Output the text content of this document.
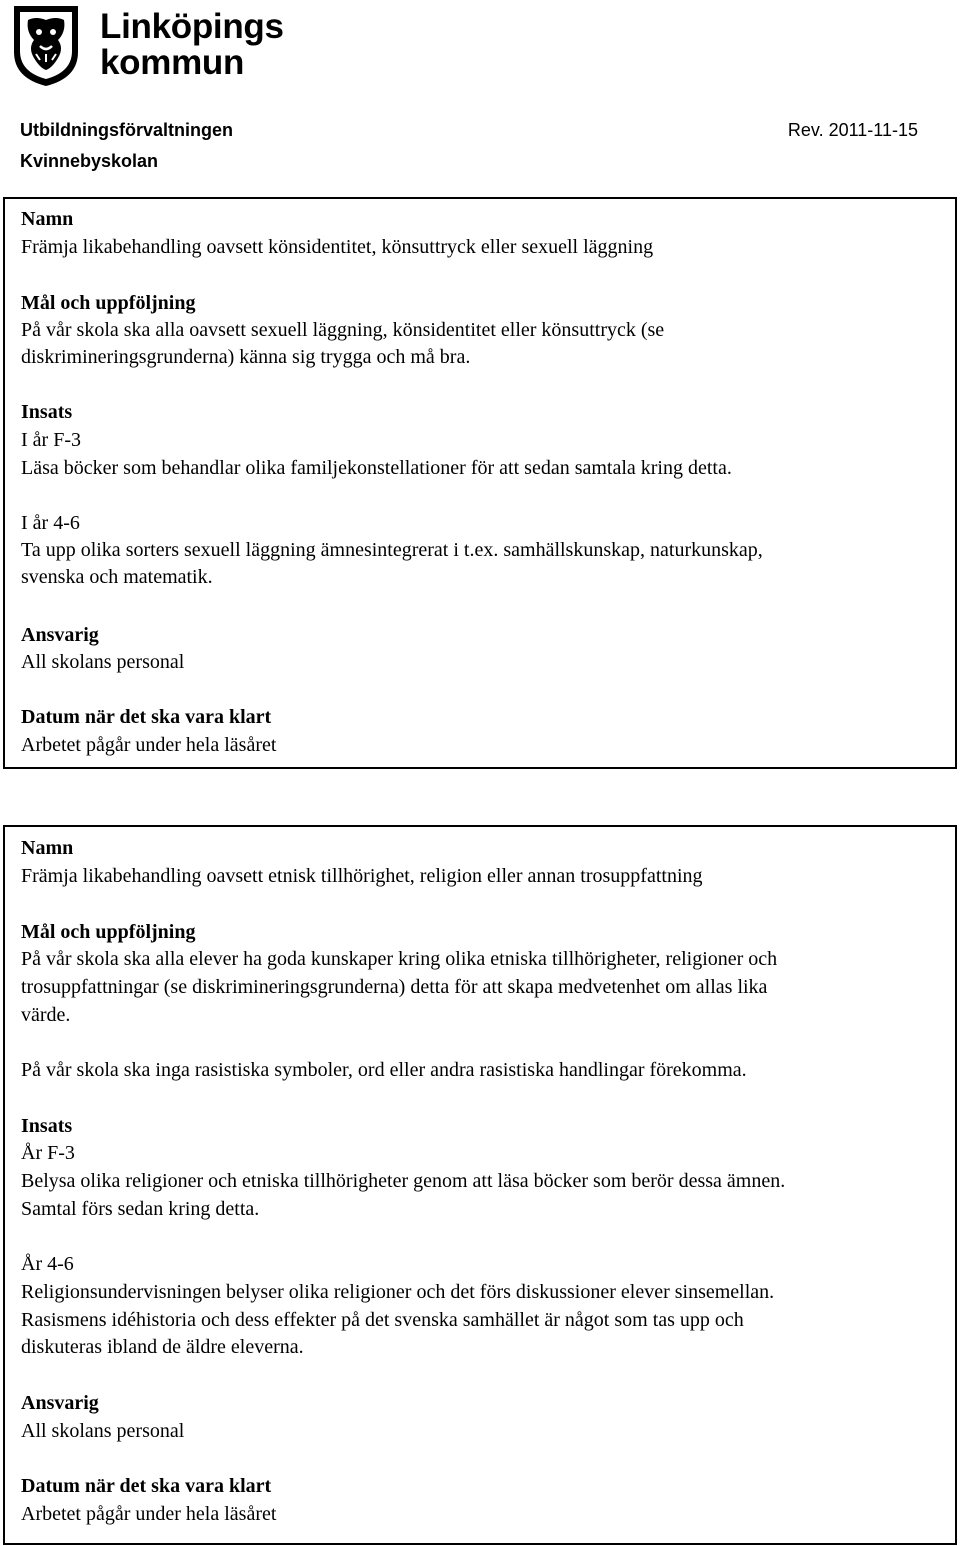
Linköpings
kommun
Utbildningsförvaltningen
Kvinnebyskolan
Rev. 2011-11-15
Namn
Främja likabehandling oavsett könsidentitet, könsuttryck eller sexuell läggning
Mål och uppföljning
På vår skola ska alla oavsett sexuell läggning, könsidentitet eller könsuttryck (se
diskrimineringsgrunderna) känna sig trygga och må bra.
Insats
I år F-3
Läsa böcker som behandlar olika familjekonstellationer för att sedan samtala kring detta.
I år 4-6
Ta upp olika sorters sexuell läggning ämnesintegrerat i t.ex. samhällskunskap, naturkunskap,
svenska och matematik.
Ansvarig
All skolans personal
Datum när det ska vara klart
Arbetet pågår under hela läsåret
Namn
Främja likabehandling oavsett etnisk tillhörighet, religion eller annan trosuppfattning
Mål och uppföljning
På vår skola ska alla elever ha goda kunskaper kring olika etniska tillhörigheter, religioner och
trosuppfattningar (se diskrimineringsgrunderna) detta för att skapa medvetenhet om allas lika
värde.
På vår skola ska inga rasistiska symboler, ord eller andra rasistiska handlingar förekomma.
Insats
År F-3
Belysa olika religioner och etniska tillhörigheter genom att läsa böcker som berör dessa ämnen.
Samtal förs sedan kring detta.
År 4-6
Religionsundervisningen belyser olika religioner och det förs diskussioner elever sinsemellan.
Rasismens idéhistoria och dess effekter på det svenska samhället är något som tas upp och
diskuteras ibland de äldre eleverna.
Ansvarig
All skolans personal
Datum när det ska vara klart
Arbetet pågår under hela läsåret
